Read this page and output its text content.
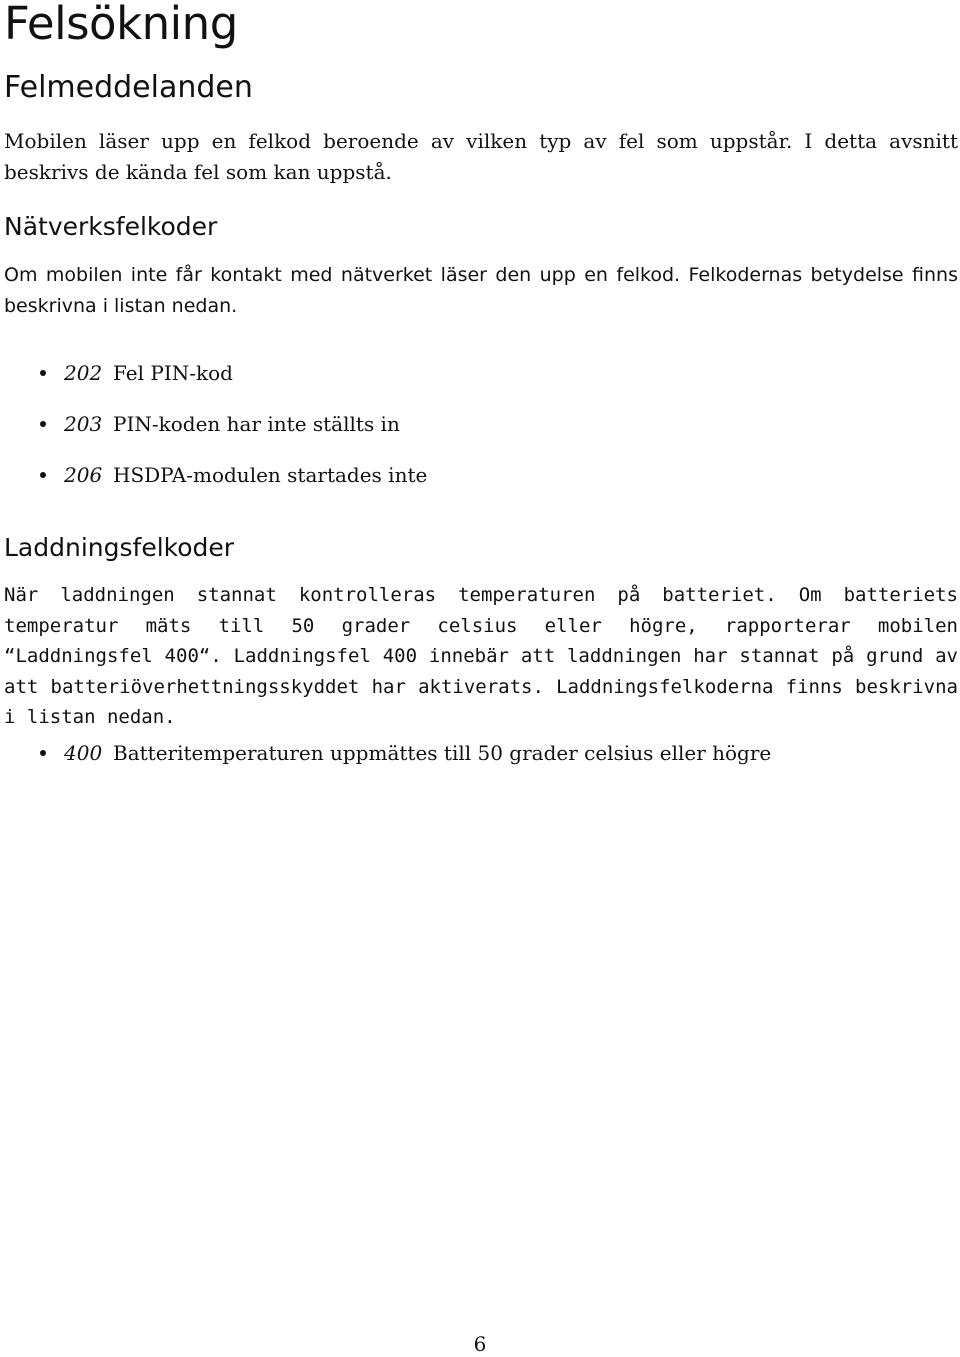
Felsökning
Felmeddelanden

Mobilen läser upp en felkod beroende av vilken typ av fel som uppstår. I detta avsnitt beskrivs de kända fel som kan uppstå.

Nätverksfelkoder

Om mobilen inte får kontakt med nätverket läser den upp en felkod. Felkodernas betydelse finns beskrivna i listan nedan.

202 Fel PIN-kod
203 PIN-koden har inte ställts in
206 HSDPA-modulen startades inte
Laddningsfelkoder

När laddningen stannat kontrolleras temperaturen på batteriet. Om batteriets temperatur mäts till 50 grader celsius eller högre, rapporterar mobilen “Laddningsfel 400“. Laddningsfel 400 innebär att laddningen har stannat på grund av att batteriöverhettningsskyddet har aktiverats. Laddningsfelkoderna finns beskrivna i listan nedan.

400 Batteritemperaturen uppmättes till 50 grader celsius eller högre
6
